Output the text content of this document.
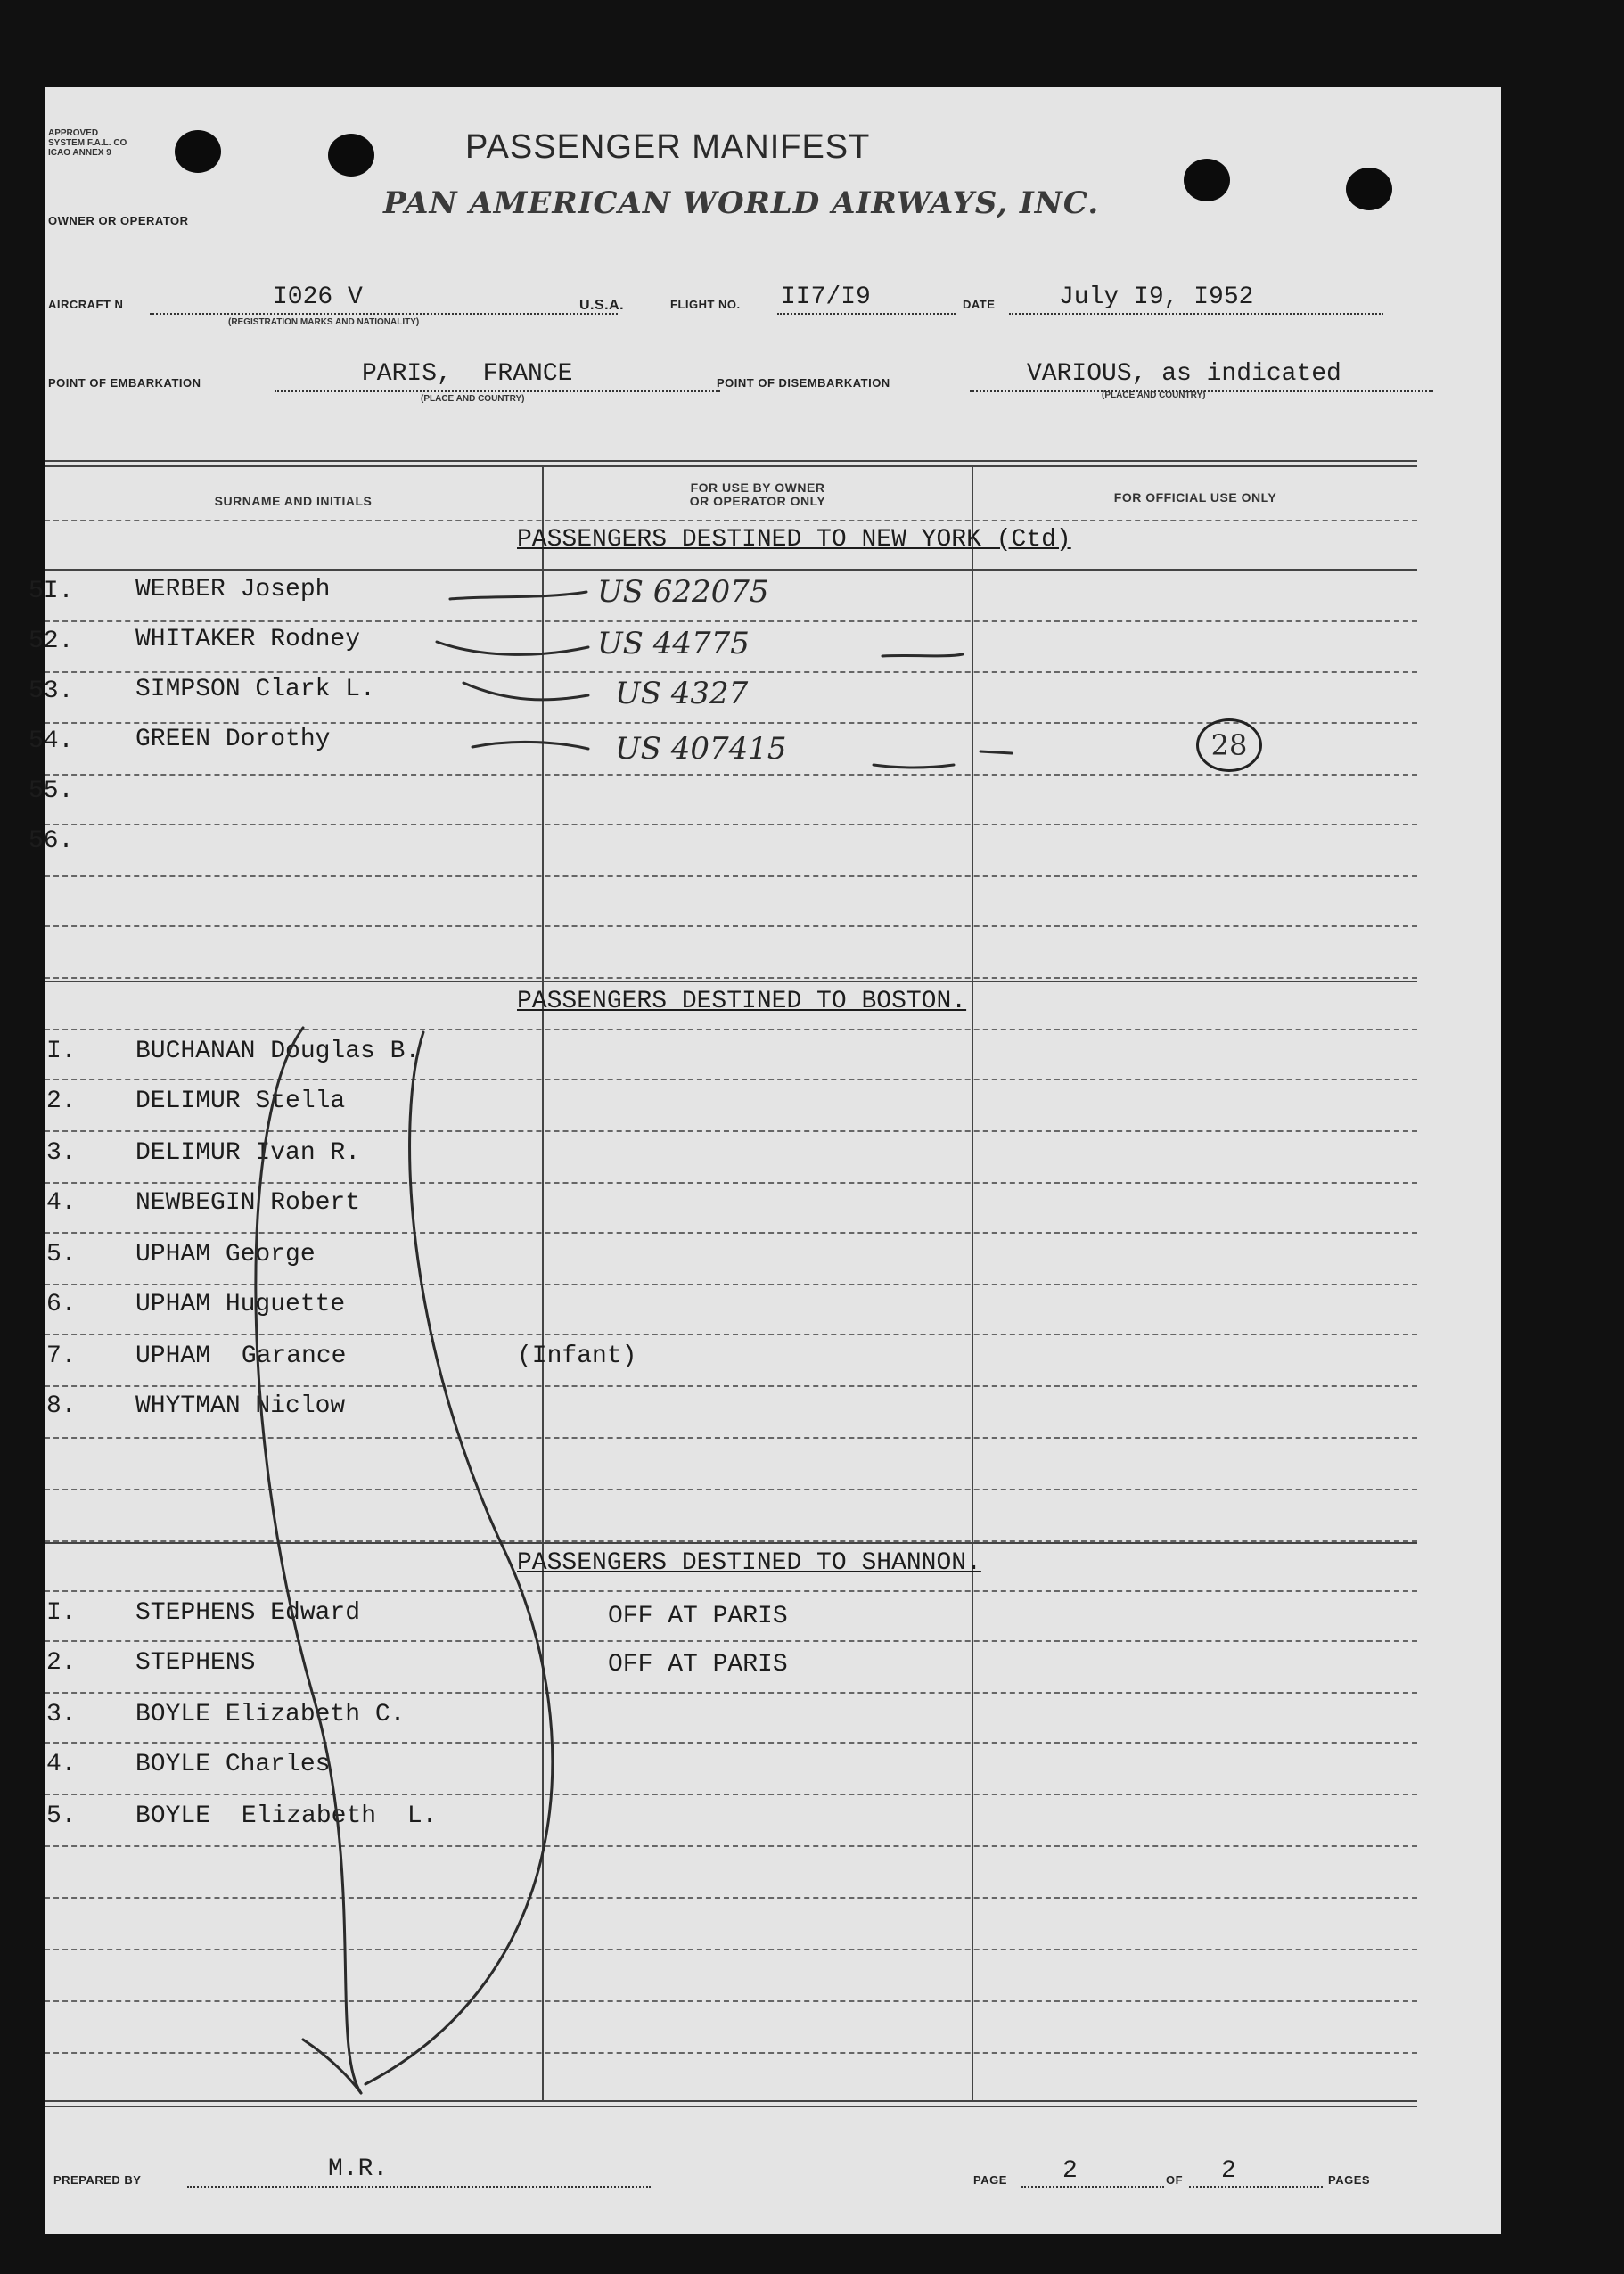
APPROVED
SYSTEM F.A.L. CO
ICAO ANNEX 9	PASSENGER MANIFEST
PAN AMERICAN WORLD AIRWAYS, INC.
OWNER OR OPERATOR
AIRCRAFT N	I026 V
(REGISTRATION MARKS AND NATIONALITY)
U.S.A.	FLIGHT NO. II7/I9	DATE	July I9, I952
POINT OF EMBARKATION	PARIS, FRANCE
(PLACE AND COUNTRY)
POINT OF DISEMBARKATION	VARIOUS, as indicated
(PLACE AND COUNTRY)
SURNAME AND INITIALS
FOR USE BY OWNER
OR OPERATOR ONLY	FOR OFFICIAL USE ONLY
PASSENGERS DESTINED TO NEW YORK (Ctd)
5I. WERBER Joseph	US 622075
52. WHITAKER Rodney	US 44775
53. SIMPSON Clark L.	US 4327
54. GREEN Dorothy	US 407415
55.
56.
28
PASSENGERS DESTINED TO BOSTON.
I. BUCHANAN Douglas B.
2. DELIMUR Stella
3. DELIMUR Ivan R.
4. NEWBEGIN Robert
5. UPHAM George
6. UPHAM Huguette
7. UPHAM Garance	(Infant)
8. WHYTMAN Niclow
PASSENGERS DESTINED TO SHANNON.
I. STEPHENS Edward	OFF AT PARIS
2. STEPHENS	OFF AT PARIS
3. BOYLE Elizabeth C.
4. BOYLE Charles
5. BOYLE Elizabeth L.
PREPARED BY	M.R.	PAGE 2	OF 2	PAGES
